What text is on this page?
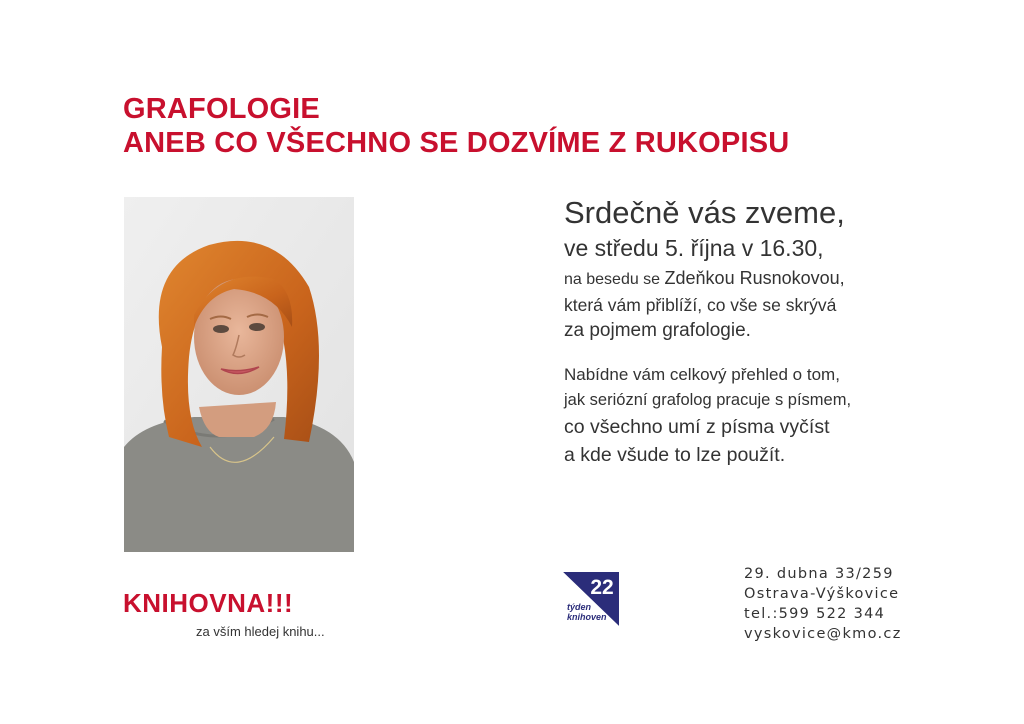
GRAFOLOGIE
ANEB CO VŠECHNO SE DOZVÍME Z RUKOPISU
Srdečně vás zveme,
ve středu 5. října v 16.30,
na besedu se Zdeňkou Rusnokovou,
která vám přiblíží, co vše se skrývá
za pojmem grafologie.
Nabídne vám celkový přehled o tom,
jak seriózní grafolog pracuje s písmem,
co všechno umí z písma vyčíst
a kde všude to lze použít.
KNIHOVNA!!!
za vším hledej knihu...
22
týden
knihoven
29. dubna 33/259
Ostrava-Výškovice
tel.:599 522 344
vyskovice@kmo.cz
